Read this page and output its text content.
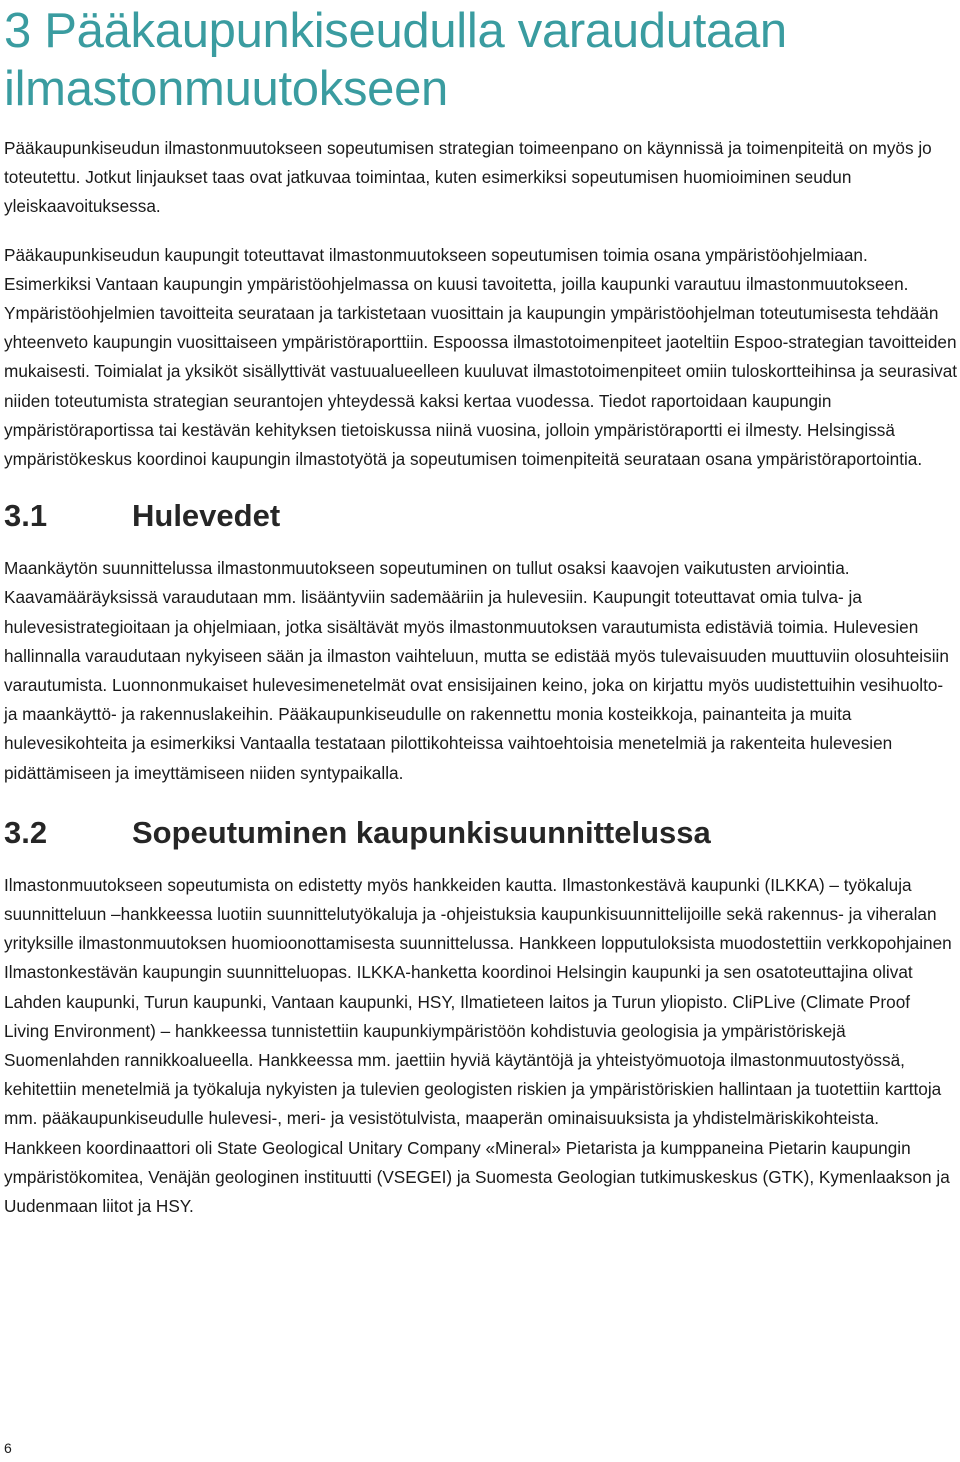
3 Pääkaupunkiseudulla varaudutaan ilmastonmuutokseen

Pääkaupunkiseudun ilmastonmuutokseen sopeutumisen strategian toimeenpano on käynnissä ja toimenpiteitä on myös jo toteutettu. Jotkut linjaukset taas ovat jatkuvaa toimintaa, kuten esimerkiksi sopeutumisen huomioiminen seudun yleiskaavoituksessa.

Pääkaupunkiseudun kaupungit toteuttavat ilmastonmuutokseen sopeutumisen toimia osana ympäristöohjelmiaan. Esimerkiksi Vantaan kaupungin ympäristöohjelmassa on kuusi tavoitetta, joilla kaupunki varautuu ilmastonmuutokseen. Ympäristöohjelmien tavoitteita seurataan ja tarkistetaan vuosittain ja kaupungin ympäristöohjelman toteutumisesta tehdään yhteenveto kaupungin vuosittaiseen ympäristöraporttiin. Espoossa ilmastotoimenpiteet jaoteltiin Espoo-strategian tavoitteiden mukaisesti. Toimialat ja yksiköt sisällyttivät vastuualueelleen kuuluvat ilmastotoimenpiteet omiin tuloskortteihinsa ja seurasivat niiden toteutumista strategian seurantojen yhteydessä kaksi kertaa vuodessa. Tiedot raportoidaan kaupungin ympäristöraportissa tai kestävän kehityksen tietoiskussa niinä vuosina, jolloin ympäristöraportti ei ilmesty. Helsingissä ympäristökeskus koordinoi kaupungin ilmastotyötä ja sopeutumisen toimenpiteitä seurataan osana ympäristöraportointia.

3.1	Hulevedet

Maankäytön suunnittelussa ilmastonmuutokseen sopeutuminen on tullut osaksi kaavojen vaikutusten arviointia. Kaavamääräyksissä varaudutaan mm. lisääntyviin sademääriin ja hulevesiin. Kaupungit toteuttavat omia tulva- ja hulevesistrategioitaan ja ohjelmiaan, jotka sisältävät myös ilmastonmuutoksen varautumista edistäviä toimia. Hulevesien hallinnalla varaudutaan nykyiseen sään ja ilmaston vaihteluun, mutta se edistää myös tulevaisuuden muuttuviin olosuhteisiin varautumista. Luonnonmukaiset hulevesimenetelmät ovat ensisijainen keino, joka on kirjattu myös uudistettuihin vesihuolto- ja maankäyttö- ja rakennuslakeihin. Pääkaupunkiseudulle on rakennettu monia kosteikkoja, painanteita ja muita hulevesikohteita ja esimerkiksi Vantaalla testataan pilottikohteissa vaihtoehtoisia menetelmiä ja rakenteita hulevesien pidättämiseen ja imeyttämiseen niiden syntypaikalla.

3.2	Sopeutuminen kaupunkisuunnittelussa

Ilmastonmuutokseen sopeutumista on edistetty myös hankkeiden kautta. Ilmastonkestävä kaupunki (ILKKA) – työkaluja suunnitteluun –hankkeessa luotiin suunnittelutyökaluja ja -ohjeistuksia kaupunkisuunnittelijoille sekä rakennus- ja viheralan yrityksille ilmastonmuutoksen huomioonottamisesta suunnittelussa. Hankkeen lopputuloksista muodostettiin verkkopohjainen Ilmastonkestävän kaupungin suunnitteluopas. ILKKA-hanketta koordinoi Helsingin kaupunki ja sen osatoteuttajina olivat Lahden kaupunki, Turun kaupunki, Vantaan kaupunki, HSY, Ilmatieteen laitos ja Turun yliopisto. CliPLive (Climate Proof Living Environment) – hankkeessa tunnistettiin kaupunkiympäristöön kohdistuvia geologisia ja ympäristöriskejä Suomenlahden rannikkoalueella. Hankkeessa mm. jaettiin hyviä käytäntöjä ja yhteistyömuotoja ilmastonmuutostyössä, kehitettiin menetelmiä ja työkaluja nykyisten ja tulevien geologisten riskien ja ympäristöriskien hallintaan ja tuotettiin karttoja mm. pääkaupunkiseudulle hulevesi-, meri- ja vesistötulvista, maaperän ominaisuuksista ja yhdistelmäriskikohteista. Hankkeen koordinaattori oli State Geological Unitary Company «Mineral» Pietarista ja kumppaneina Pietarin kaupungin ympäristökomitea, Venäjän geologinen instituutti (VSEGEI) ja Suomesta Geologian tutkimuskeskus (GTK), Kymenlaakson ja Uudenmaan liitot ja HSY.

6
